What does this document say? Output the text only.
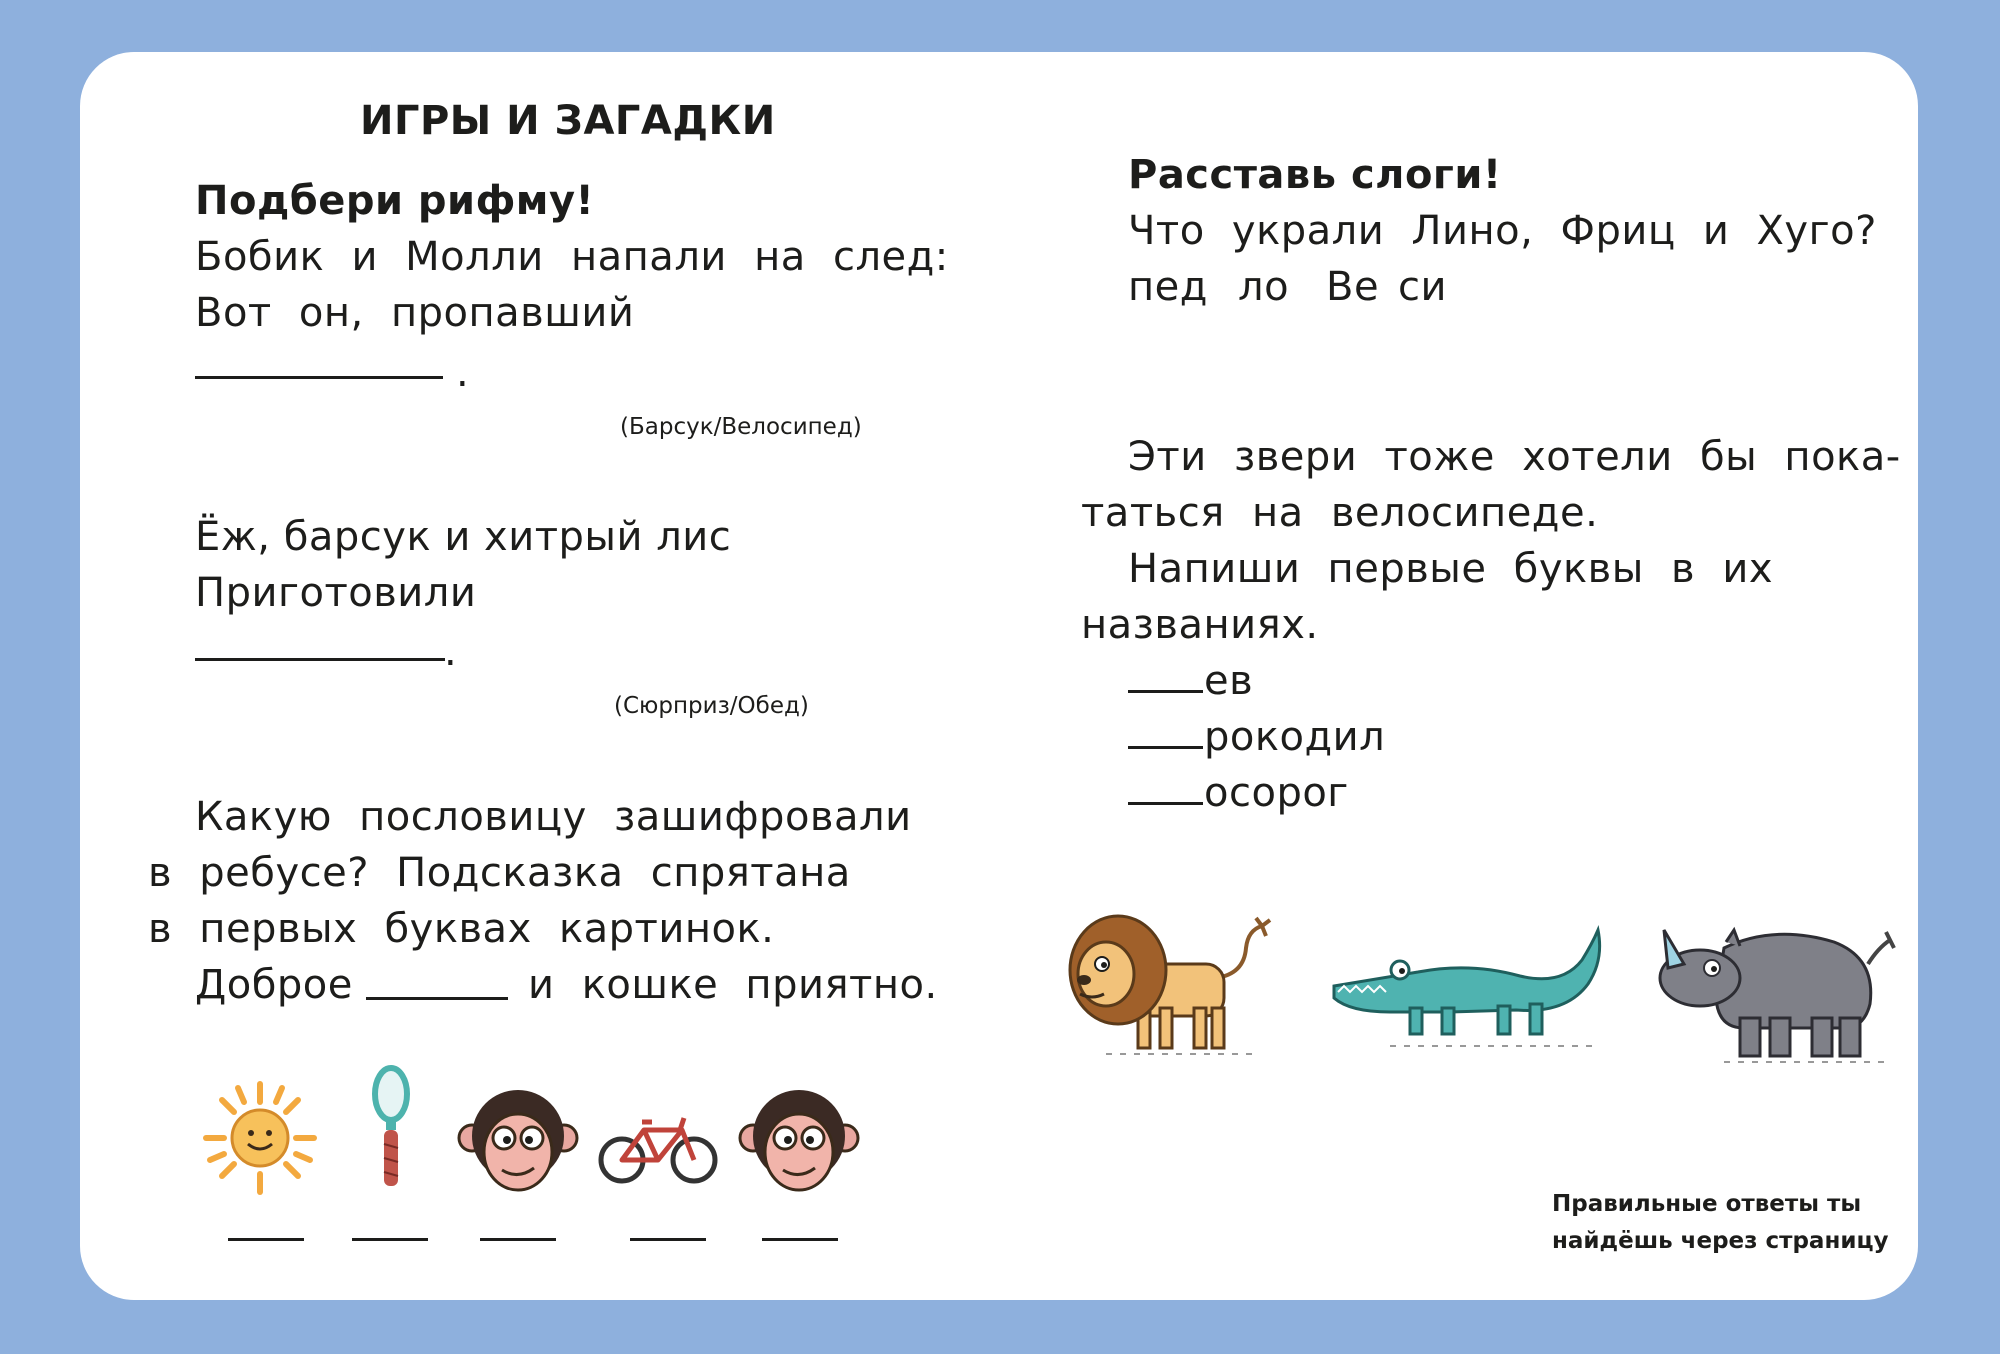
ИГРЫ И ЗАГАДКИ
Подбери рифму!
Бобик и Молли напали на след:
Вот он, пропавший
.
(Барсук/Велосипед)
Ёж, барсук и хитрый лис
Приготовили
.
(Сюрприз/Обед)
Какую пословицу зашифровали
в ребусе? Подсказка спрятана
в первых буквах картинок.
Доброе	и кошке приятно.
Расставь слоги!
Что украли Лино, Фриц и Хуго?
пед ло Ве си
Эти звери тоже хотели бы пока-
таться на велосипеде.
Напиши первые буквы в их
названиях.
ев
рокодил
осорог
Правильные ответы ты
найдёшь через страницу
